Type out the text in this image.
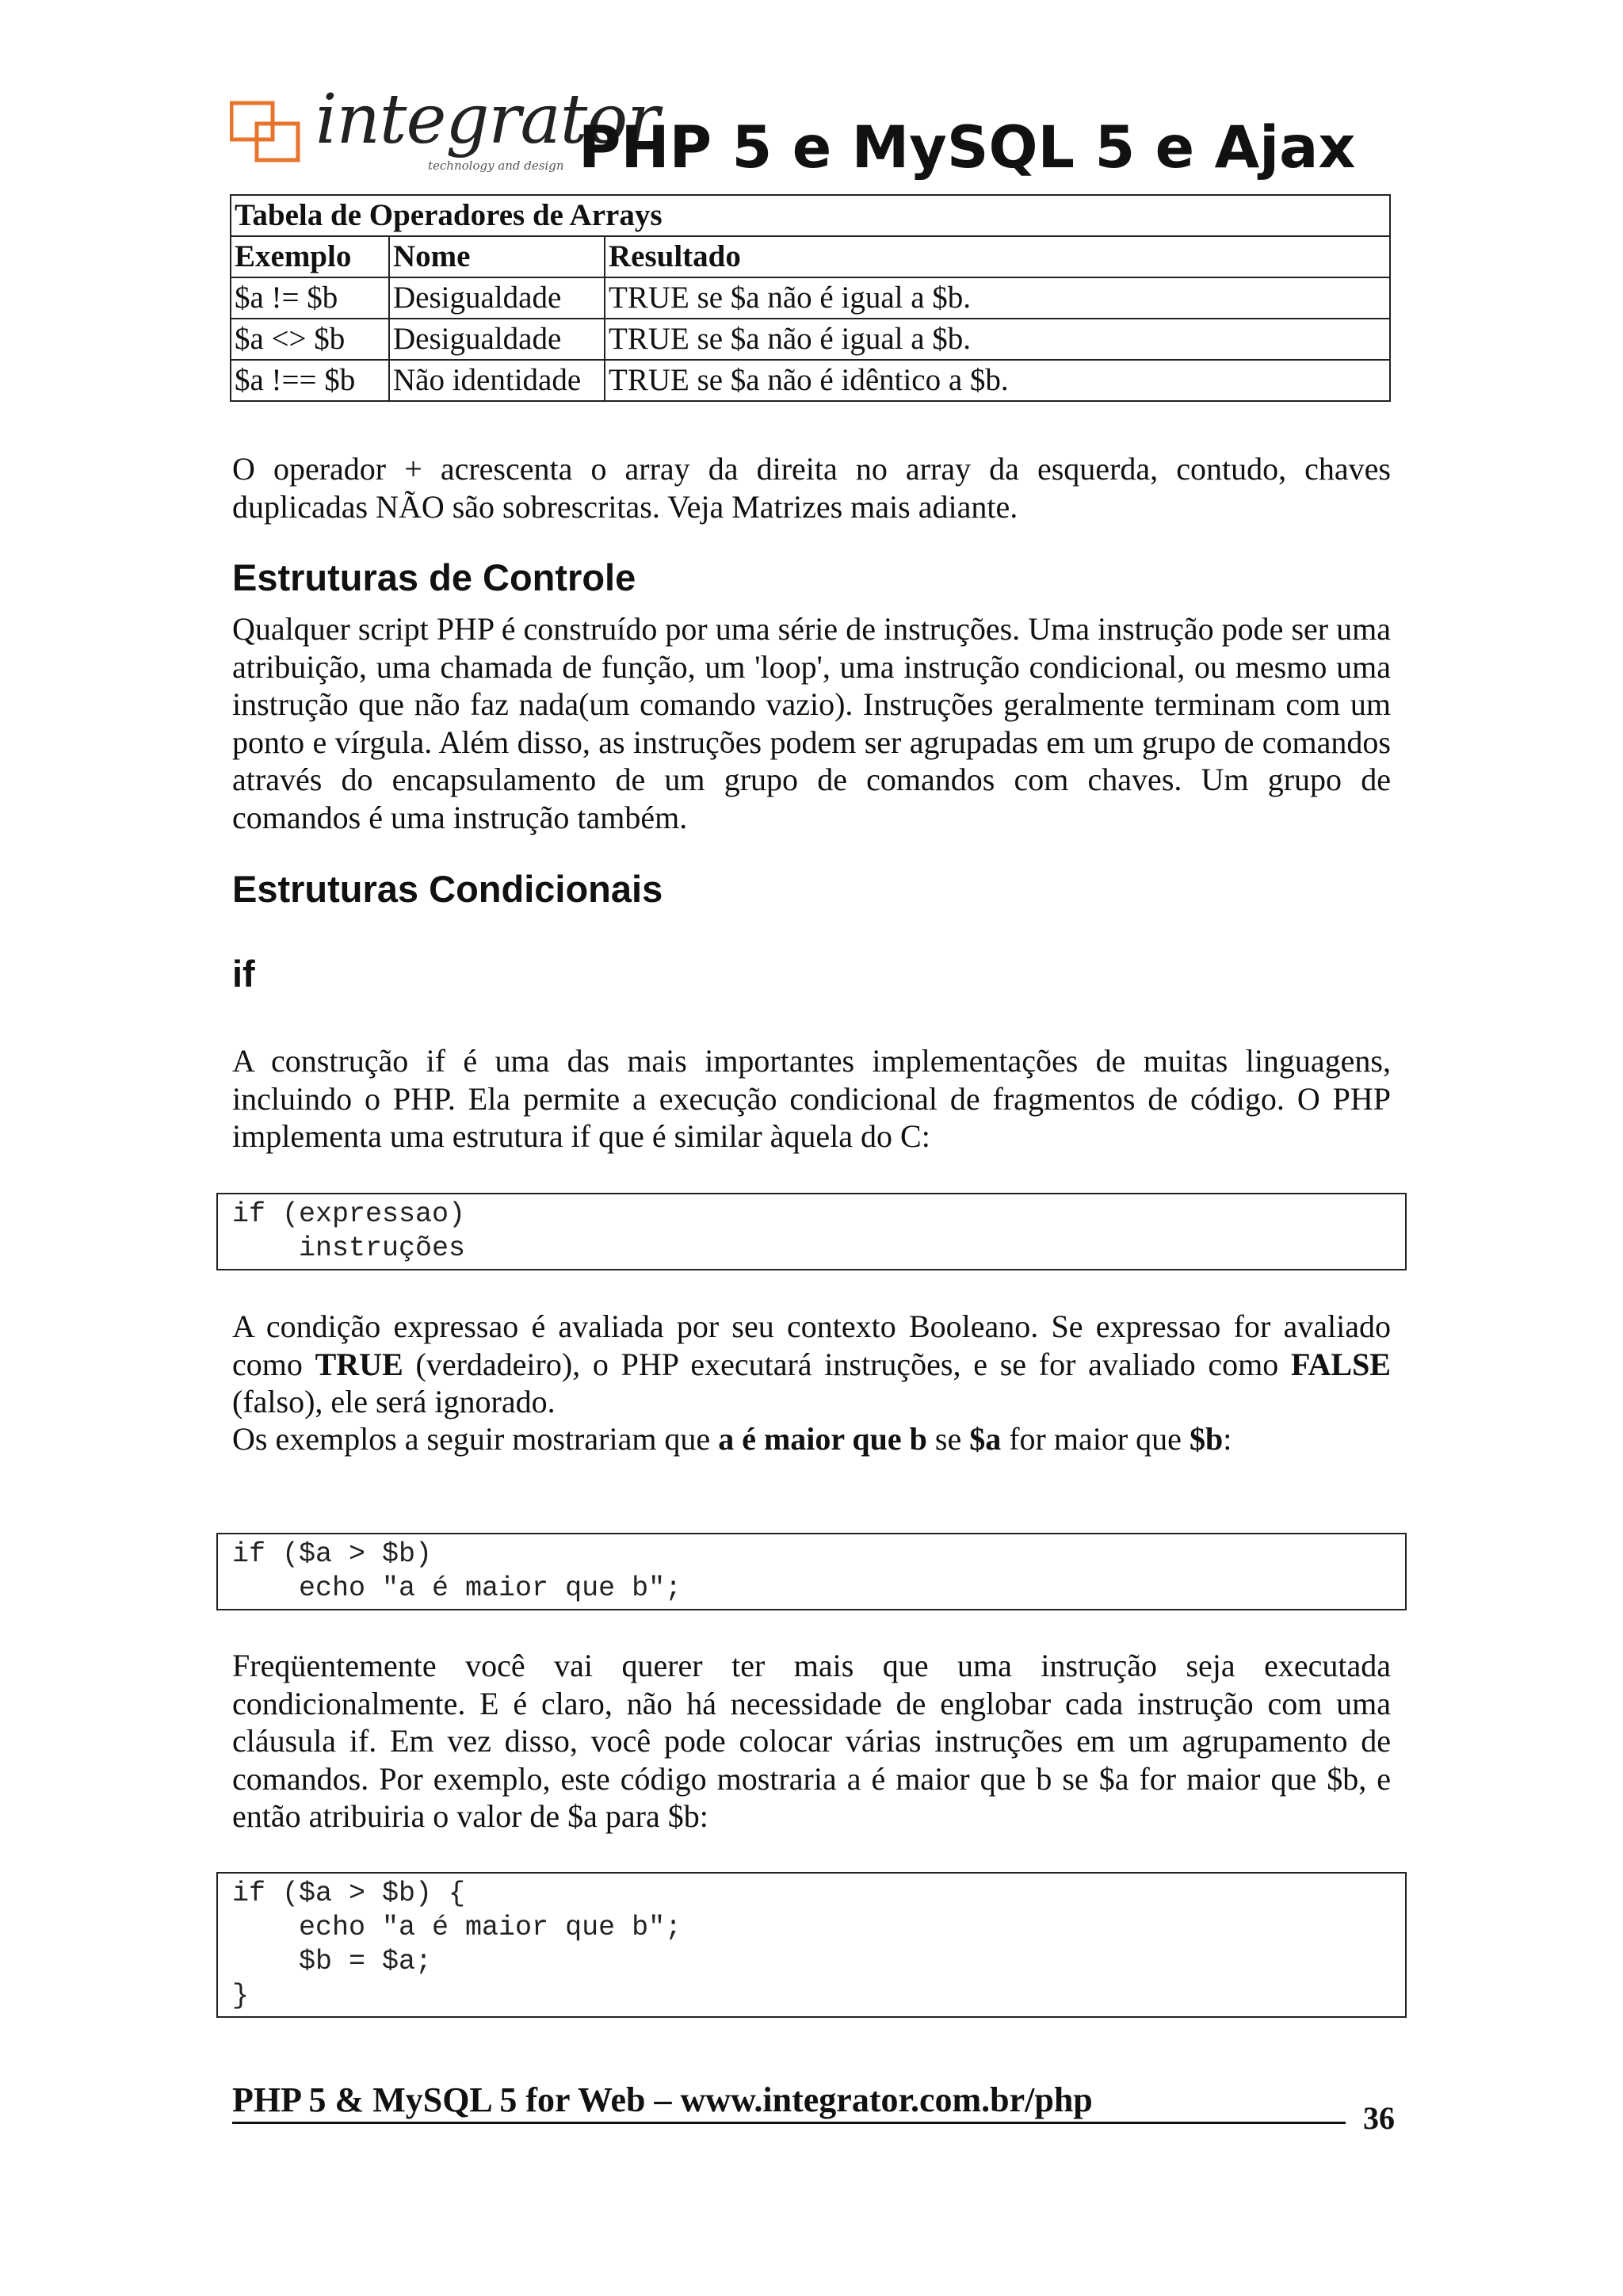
integrator
technology and design PHP 5 e MySQL 5 e Ajax
Tabela de Operadores de Arrays		
Exemplo	Nome	Resultado
$a != $b	Desigualdade	TRUE se $a não é igual a $b.
$a <> $b	Desigualdade	TRUE se $a não é igual a $b.
$a !== $b	Não identidade	TRUE se $a não é idêntico a $b.

O operador + acrescenta o array da direita no array da esquerda, contudo, chaves duplicadas NÃO são sobrescritas. Veja Matrizes mais adiante.

Estruturas de Controle

Qualquer script PHP é construído por uma série de instruções. Uma instrução pode ser uma atribuição, uma chamada de função, um 'loop', uma instrução condicional, ou mesmo uma instrução que não faz nada(um comando vazio). Instruções geralmente terminam com um ponto e vírgula. Além disso, as instruções podem ser agrupadas em um grupo de comandos através do encapsulamento de um grupo de comandos com chaves. Um grupo de comandos é uma instrução também.

Estruturas Condicionais
if

A construção if é uma das mais importantes implementações de muitas linguagens, incluindo o PHP. Ela permite a execução condicional de fragmentos de código. O PHP implementa uma estrutura if que é similar àquela do C:

if (expressao)
instruções

A condição expressao é avaliada por seu contexto Booleano. Se expressao for avaliado como TRUE (verdadeiro), o PHP executará instruções, e se for avaliado como FALSE (falso), ele será ignorado.

Os exemplos a seguir mostrariam que a é maior que b se $a for maior que $b:

if ($a > $b)
echo "a é maior que b";

Freqüentemente você vai querer ter mais que uma instrução seja executada condicionalmente. E é claro, não há necessidade de englobar cada instrução com uma cláusula if. Em vez disso, você pode colocar várias instruções em um agrupamento de comandos. Por exemplo, este código mostraria a é maior que b se $a for maior que $b, e então atribuiria o valor de $a para $b:

if ($a > $b) {
echo "a é maior que b";
$b = $a;
}
PHP 5 & MySQL 5 for Web – www.integrator.com.br/php	36
